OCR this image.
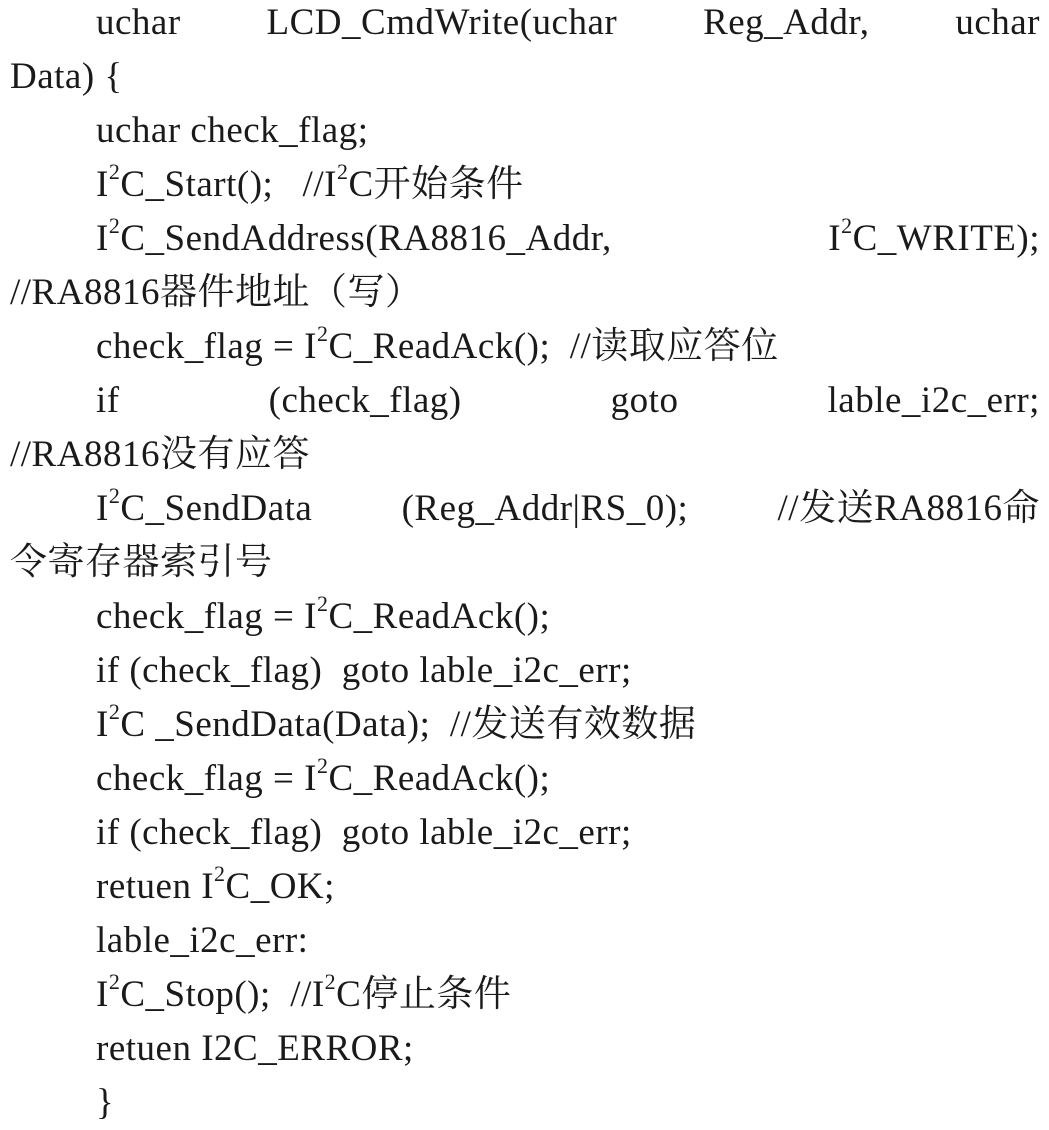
uchar LCD_CmdWrite(uchar Reg_Addr, uchar
Data) {
uchar check_flag;
$I^2C\_Start()$;   $//I^2C$开始条件
$I^2C\_SendAddress(RA8816\_Addr$,	$I^2C\_WRITE$);
//RA8816器件地址（写）
check_flag = $I^2C\_ReadAck()$;  //读取应答位
if	(check_flag)	goto	lable_i2c_err;
//RA8816没有应答
$I^2C\_SendData$ (Reg_Addr|RS_0); //发送RA8816命
令寄存器索引号
check_flag = $I^2C\_ReadAck()$;
if (check_flag)  goto lable_i2c_err;
$I^2C$ _SendData(Data);  //发送有效数据
check_flag = $I^2C\_ReadAck()$;
if (check_flag)  goto lable_i2c_err;
retuen $I^2C\_OK$;
lable_i2c_err:
$I^2C\_Stop()$;  $//I^2C$停止条件
retuen I2C_ERROR;
}
